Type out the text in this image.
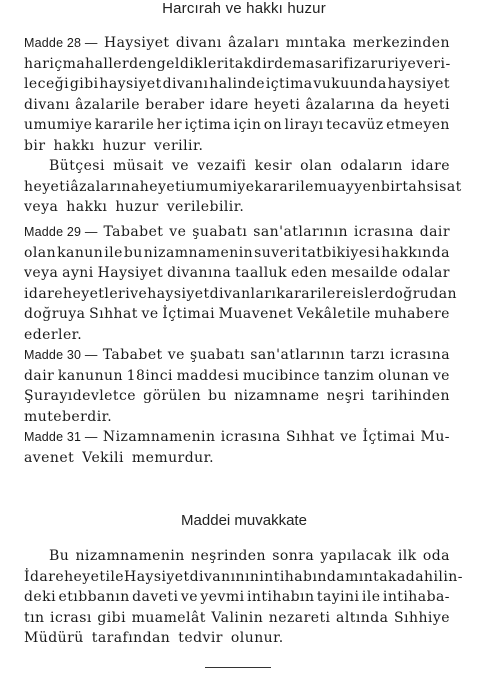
Harcırah ve hakkı huzur
Madde 28 — Haysiyet divanı âzaları mıntaka merkezinden
hariç mahallerden geldikleri takdirde masarifi zaruriye veri-
leceği gibi haysiyet divanı halinde içtima vukuunda haysiyet
divanı âzalarile beraber idare heyeti âzalarına da heyeti
umumiye kararile her içtima için on lirayı tecavüz etmeyen
bir hakkı huzur verilir.
Bütçesi müsait ve vezaifi kesir olan odaların idare
heyeti âzalarına heyeti umumiye kararile muayyen bir tahsisat
veya hakkı huzur verilebilir.
Madde 29 — Tababet ve şuabatı san'atlarının icrasına dair
olan kanun ile bu nizamnamenin suveri tatbikiyesi hakkında
veya ayni Haysiyet divanına taalluk eden mesailde odalar
idare heyetleri ve haysiyet divanları kararile reisler doğrudan
doğruya Sıhhat ve İçtimai Muavenet Vekâletile muhabere
ederler.
Madde 30 — Tababet ve şuabatı san'atlarının tarzı icrasına
dair kanunun 18inci maddesi mucibince tanzim olunan ve
Şurayıdevletce görülen bu nizamname neşri tarihinden
muteberdir.
Madde 31 — Nizamnamenin icrasına Sıhhat ve İçtimai Mu-
avenet Vekili memurdur.
Bu nizamnamenin neşrinden sonra yapılacak ilk oda
İdare heyetile Haysiyet divanının intihabında mıntaka dahilin-
deki etıbbanın daveti ve yevmi intihabın tayini ile intihaba-
tın icrası gibi muamelât Valinin nezareti altında Sıhhiye
Müdürü tarafından tedvir olunur.
Maddei muvakkate
